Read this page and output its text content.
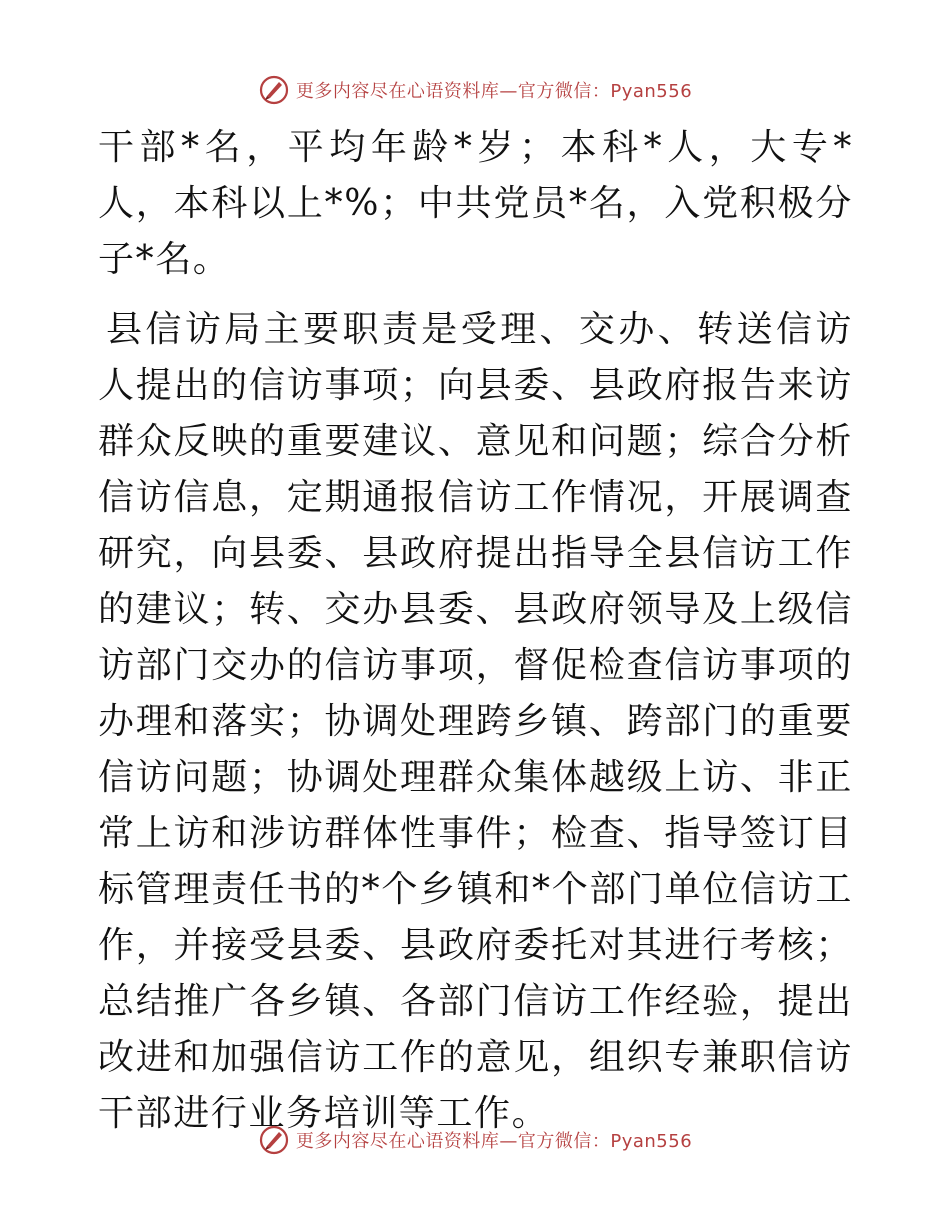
更多内容尽在心语资料库—官方微信：Pyan556

干部*名，平均年龄*岁；本科*人，大专*人，本科以上*%；中共党员*名，入党积极分子*名。

县信访局主要职责是受理、交办、转送信访人提出的信访事项；向县委、县政府报告来访群众反映的重要建议、意见和问题；综合分析信访信息，定期通报信访工作情况，开展调查研究，向县委、县政府提出指导全县信访工作的建议；转、交办县委、县政府领导及上级信访部门交办的信访事项，督促检查信访事项的办理和落实；协调处理跨乡镇、跨部门的重要信访问题；协调处理群众集体越级上访、非正常上访和涉访群体性事件；检查、指导签订目标管理责任书的*个乡镇和*个部门单位信访工作，并接受县委、县政府委托对其进行考核；总结推广各乡镇、各部门信访工作经验，提出改进和加强信访工作的意见，组织专兼职信访干部进行业务培训等工作。

更多内容尽在心语资料库—官方微信：Pyan556
